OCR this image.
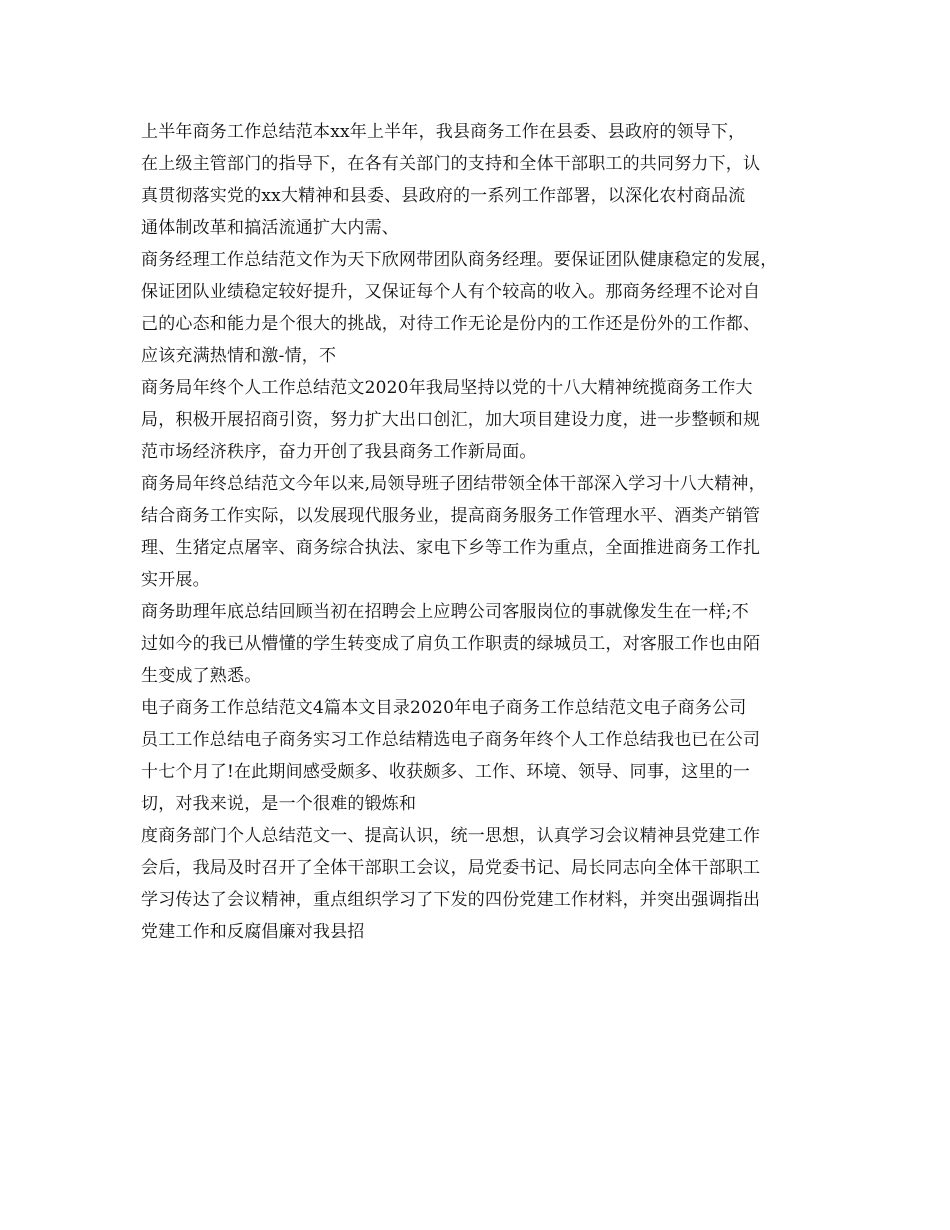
上半年商务工作总结范本xx年上半年，我县商务工作在县委、县政府的领导下，
在上级主管部门的指导下，在各有关部门的支持和全体干部职工的共同努力下，认
真贯彻落实党的xx大精神和县委、县政府的一系列工作部署，以深化农村商品流
通体制改革和搞活流通扩大内需、
商务经理工作总结范文作为天下欣网带团队商务经理。要保证团队健康稳定的发展，
保证团队业绩稳定较好提升，又保证每个人有个较高的收入。那商务经理不论对自
己的心态和能力是个很大的挑战，对待工作无论是份内的工作还是份外的工作都、
应该充满热情和激-情，不
商务局年终个人工作总结范文2020年我局坚持以党的十八大精神统揽商务工作大
局，积极开展招商引资，努力扩大出口创汇，加大项目建设力度，进一步整顿和规
范市场经济秩序，奋力开创了我县商务工作新局面。
商务局年终总结范文今年以来,局领导班子团结带领全体干部深入学习十八大精神，
结合商务工作实际，以发展现代服务业，提高商务服务工作管理水平、酒类产销管
理、生猪定点屠宰、商务综合执法、家电下乡等工作为重点，全面推进商务工作扎
实开展。
商务助理年底总结回顾当初在招聘会上应聘公司客服岗位的事就像发生在一样;不
过如今的我已从懵懂的学生转变成了肩负工作职责的绿城员工，对客服工作也由陌
生变成了熟悉。
电子商务工作总结范文4篇本文目录2020年电子商务工作总结范文电子商务公司
员工工作总结电子商务实习工作总结精选电子商务年终个人工作总结我也已在公司
十七个月了!在此期间感受颇多、收获颇多、工作、环境、领导、同事，这里的一
切，对我来说，是一个很难的锻炼和
度商务部门个人总结范文一、提高认识，统一思想，认真学习会议精神县党建工作
会后，我局及时召开了全体干部职工会议，局党委书记、局长同志向全体干部职工
学习传达了会议精神，重点组织学习了下发的四份党建工作材料，并突出强调指出
党建工作和反腐倡廉对我县招
